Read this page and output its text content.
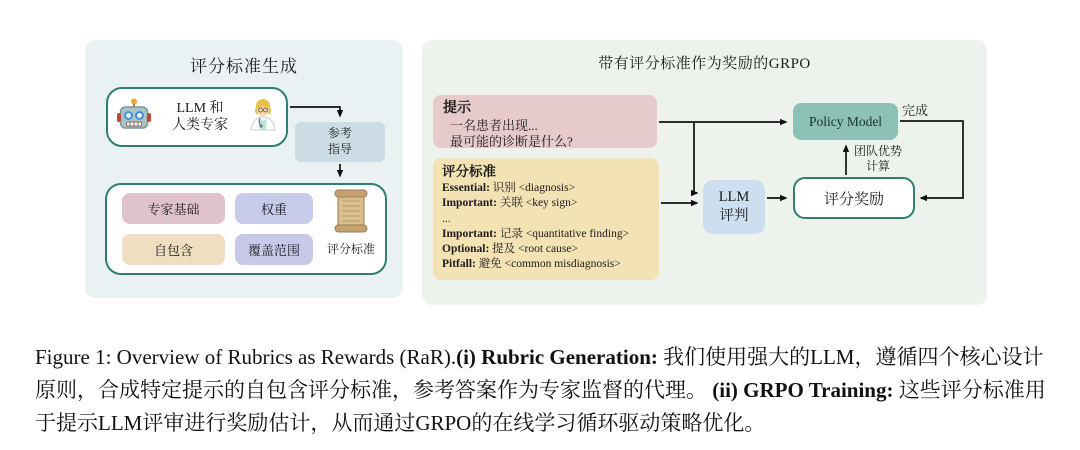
评分标准生成
LLM 和
人类专家
参考
指导
专家基础	权重
自包含	覆盖范围	评分标准
带有评分标准作为奖励的GRPO
提示
一名患者出现...
最可能的诊断是什么?
评分标准
Essential: 识别 <diagnosis>
Important: 关联 <key sign>
...
Important: 记录 <quantitative finding>
Optional: 提及 <root cause>
Pitfall: 避免 <common misdiagnosis>
LLM
评判
Policy Model
评分奖励
完成
团队优势
计算

Figure 1: Overview of Rubrics as Rewards (RaR).(i) Rubric Generation: 我们使用强大的LLM，遵循四个核心设计原则，合成特定提示的自包含评分标准，参考答案作为专家监督的代理。 (ii) GRPO Training: 这些评分标准用于提示LLM评审进行奖励估计，从而通过GRPO的在线学习循环驱动策略优化。
